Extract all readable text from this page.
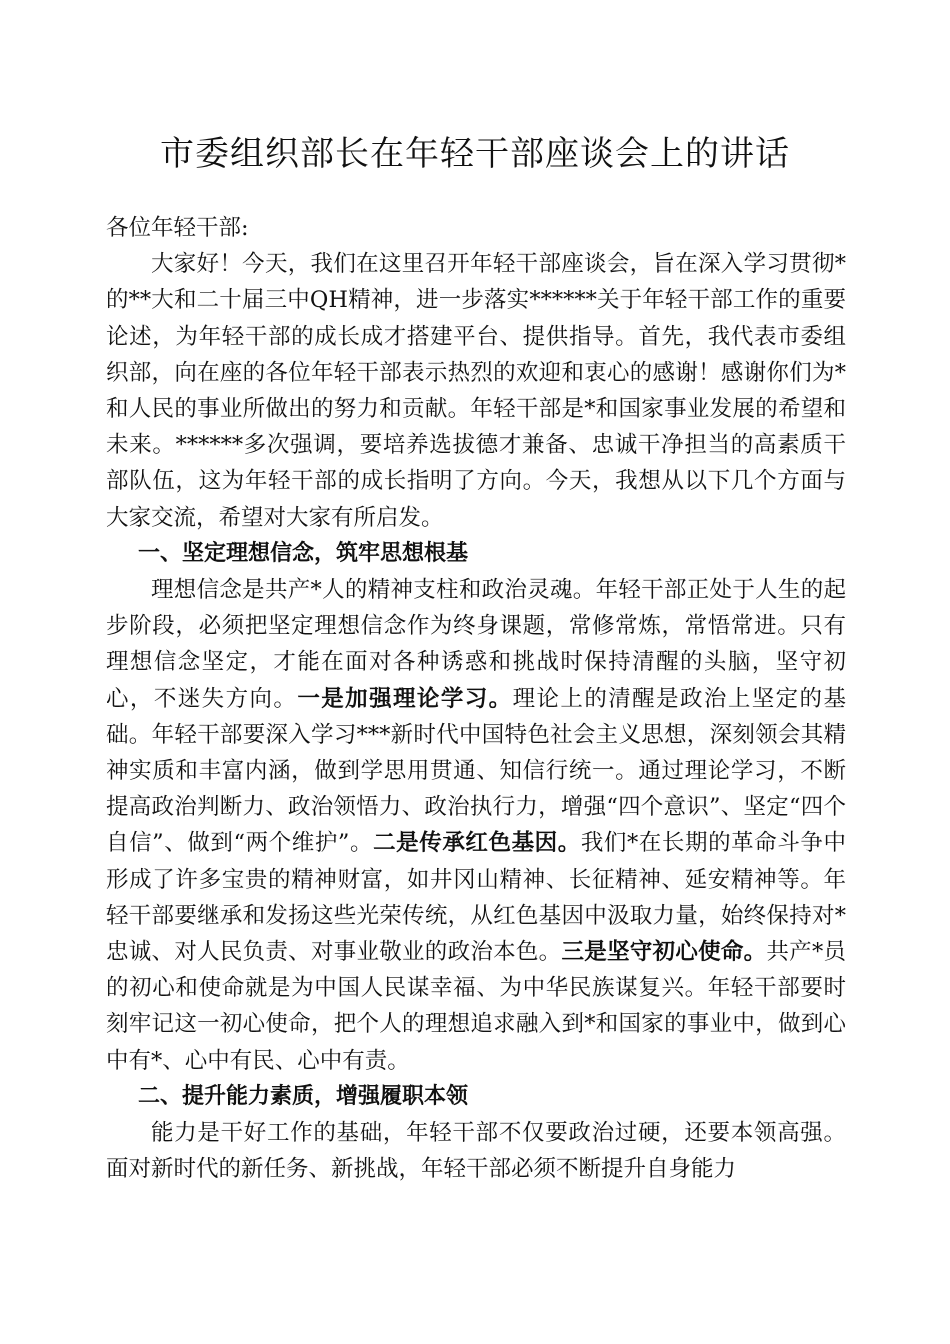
市委组织部长在年轻干部座谈会上的讲话

各位年轻干部:

大家好！今天，我们在这里召开年轻干部座谈会，旨在深入学习贯彻*的**大和二十届三中QH精神，进一步落实******关于年轻干部工作的重要论述，为年轻干部的成长成才搭建平台、提供指导。首先，我代表市委组织部，向在座的各位年轻干部表示热烈的欢迎和衷心的感谢！感谢你们为*和人民的事业所做出的努力和贡献。年轻干部是*和国家事业发展的希望和未来。******多次强调，要培养选拔德才兼备、忠诚干净担当的高素质干部队伍，这为年轻干部的成长指明了方向。今天，我想从以下几个方面与大家交流，希望对大家有所启发。

一、坚定理想信念，筑牢思想根基

理想信念是共产*人的精神支柱和政治灵魂。年轻干部正处于人生的起步阶段，必须把坚定理想信念作为终身课题，常修常炼，常悟常进。只有理想信念坚定，才能在面对各种诱惑和挑战时保持清醒的头脑，坚守初心，不迷失方向。一是加强理论学习。理论上的清醒是政治上坚定的基础。年轻干部要深入学习***新时代中国特色社会主义思想，深刻领会其精神实质和丰富内涵，做到学思用贯通、知信行统一。通过理论学习，不断提高政治判断力、政治领悟力、政治执行力，增强“四个意识”、坚定“四个自信”、做到“两个维护”。二是传承红色基因。我们*在长期的革命斗争中形成了许多宝贵的精神财富，如井冈山精神、长征精神、延安精神等。年轻干部要继承和发扬这些光荣传统，从红色基因中汲取力量，始终保持对*忠诚、对人民负责、对事业敬业的政治本色。三是坚守初心使命。共产*员的初心和使命就是为中国人民谋幸福、为中华民族谋复兴。年轻干部要时刻牢记这一初心使命，把个人的理想追求融入到*和国家的事业中，做到心中有*、心中有民、心中有责。

二、提升能力素质，增强履职本领

能力是干好工作的基础，年轻干部不仅要政治过硬，还要本领高强。面对新时代的新任务、新挑战，年轻干部必须不断提升自身能力
